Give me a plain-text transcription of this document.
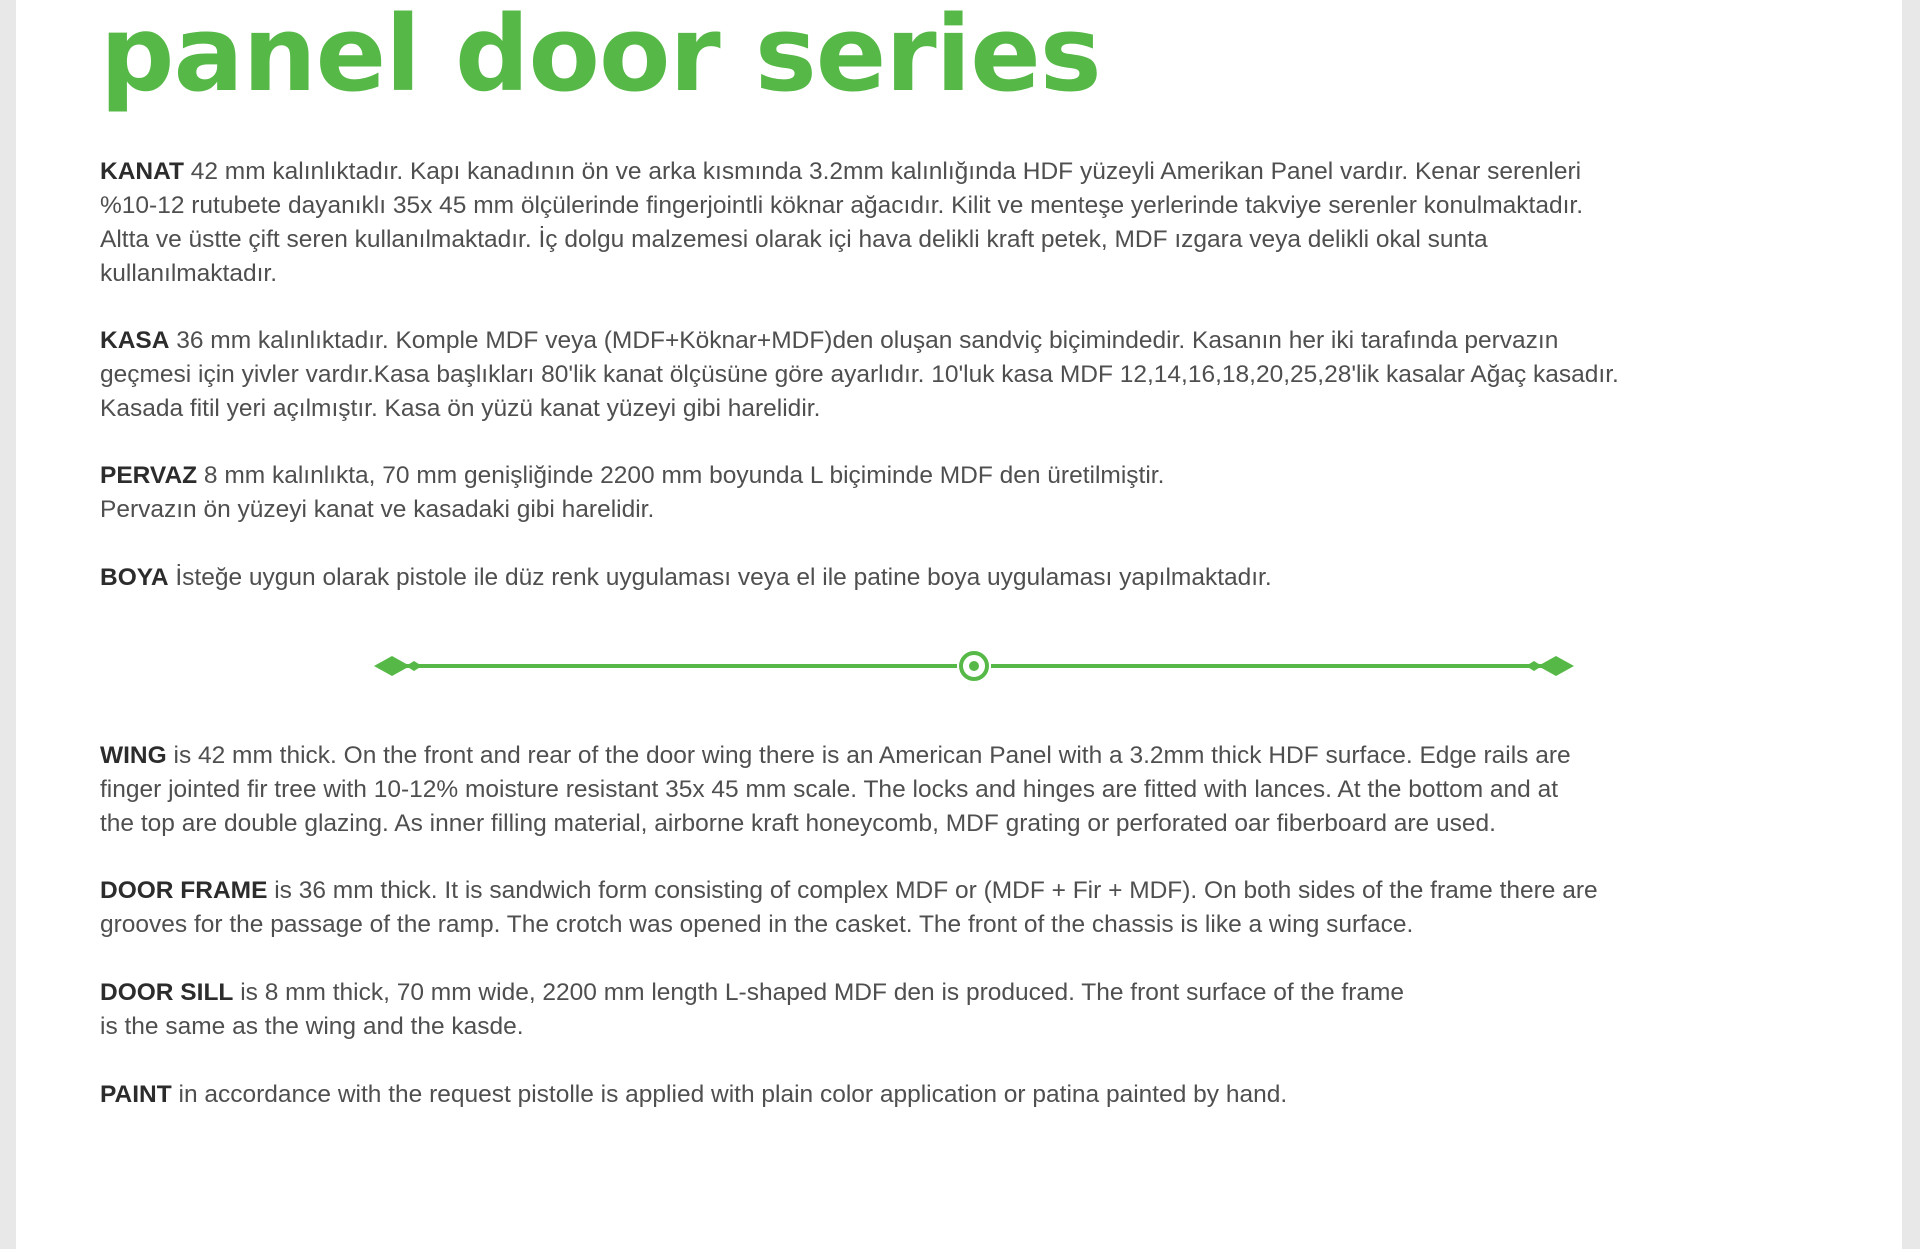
panel door series

KANAT 42 mm kalınlıktadır. Kapı kanadının ön ve arka kısmında 3.2mm kalınlığında HDF yüzeyli Amerikan Panel vardır. Kenar serenleri
%10-12 rutubete dayanıklı 35x 45 mm ölçülerinde fingerjointli köknar ağacıdır. Kilit ve menteşe yerlerinde takviye serenler konulmaktadır.
Altta ve üstte çift seren kullanılmaktadır. İç dolgu malzemesi olarak içi hava delikli kraft petek, MDF ızgara veya delikli okal sunta
kullanılmaktadır.

KASA 36 mm kalınlıktadır. Komple MDF veya (MDF+Köknar+MDF)den oluşan sandviç biçimindedir. Kasanın her iki tarafında pervazın
geçmesi için yivler vardır.Kasa başlıkları 80'lik kanat ölçüsüne göre ayarlıdır. 10'luk kasa MDF 12,14,16,18,20,25,28'lik kasalar Ağaç kasadır.
Kasada fitil yeri açılmıştır. Kasa ön yüzü kanat yüzeyi gibi harelidir.

PERVAZ 8 mm kalınlıkta, 70 mm genişliğinde 2200 mm boyunda L biçiminde MDF den üretilmiştir.
Pervazın ön yüzeyi kanat ve kasadaki gibi harelidir.

BOYA İsteğe uygun olarak pistole ile düz renk uygulaması veya el ile patine boya uygulaması yapılmaktadır.

WING is 42 mm thick. On the front and rear of the door wing there is an American Panel with a 3.2mm thick HDF surface. Edge rails are
finger jointed fir tree with 10-12% moisture resistant 35x 45 mm scale. The locks and hinges are fitted with lances. At the bottom and at
the top are double glazing. As inner filling material, airborne kraft honeycomb, MDF grating or perforated oar fiberboard are used.

DOOR FRAME is 36 mm thick. It is sandwich form consisting of complex MDF or (MDF + Fir + MDF). On both sides of the frame there are
grooves for the passage of the ramp. The crotch was opened in the casket. The front of the chassis is like a wing surface.

DOOR SILL is 8 mm thick, 70 mm wide, 2200 mm length L-shaped MDF den is produced. The front surface of the frame
is the same as the wing and the kasde.

PAINT in accordance with the request pistolle is applied with plain color application or patina painted by hand.
